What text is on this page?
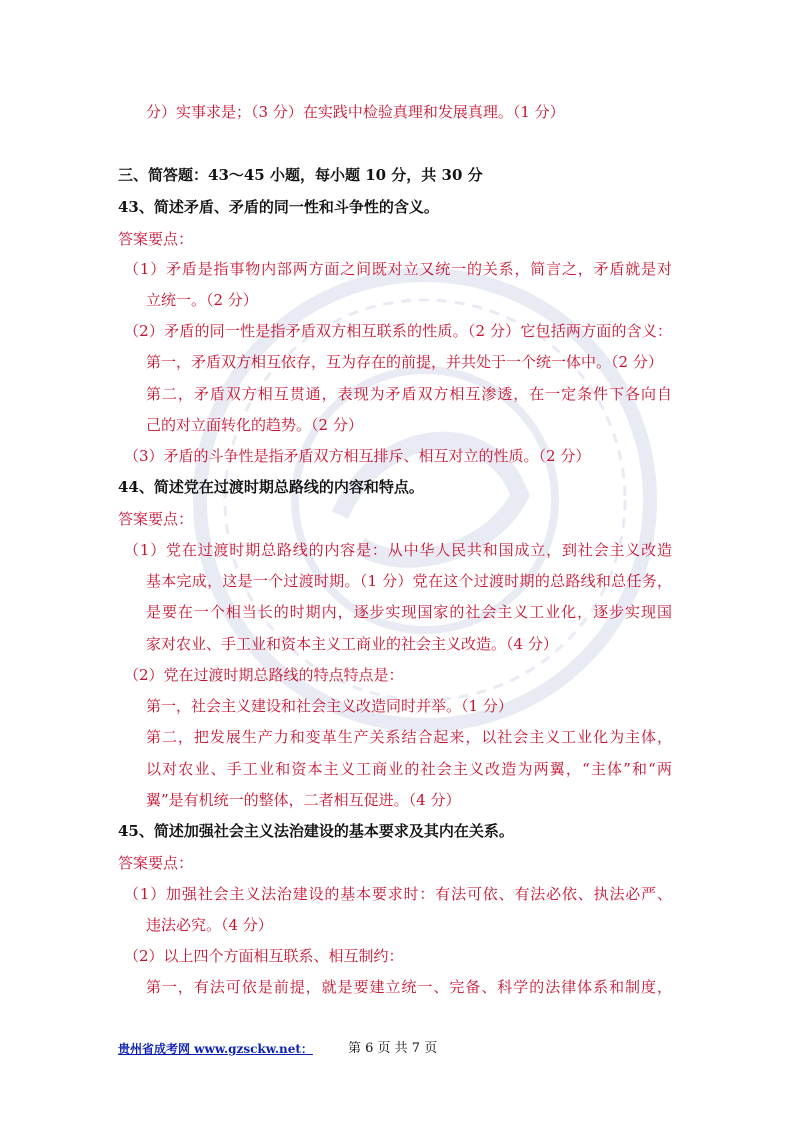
分）实事求是；（3 分）在实践中检验真理和发展真理。（1 分）
三、简答题：43～45 小题，每小题 10 分，共 30 分
43、简述矛盾、矛盾的同一性和斗争性的含义。
答案要点：
（1）矛盾是指事物内部两方面之间既对立又统一的关系，简言之，矛盾就是对
立统一。（2 分）
（2）矛盾的同一性是指矛盾双方相互联系的性质。（2 分）它包括两方面的含义：
第一，矛盾双方相互依存，互为存在的前提，并共处于一个统一体中。（2 分）
第二，矛盾双方相互贯通，表现为矛盾双方相互渗透，在一定条件下各向自
己的对立面转化的趋势。（2 分）
（3）矛盾的斗争性是指矛盾双方相互排斥、相互对立的性质。（2 分）
44、简述党在过渡时期总路线的内容和特点。
答案要点：
（1）党在过渡时期总路线的内容是：从中华人民共和国成立，到社会主义改造
基本完成，这是一个过渡时期。（1 分）党在这个过渡时期的总路线和总任务，
是要在一个相当长的时期内，逐步实现国家的社会主义工业化，逐步实现国
家对农业、手工业和资本主义工商业的社会主义改造。（4 分）
（2）党在过渡时期总路线的特点特点是：
第一，社会主义建设和社会主义改造同时并举。（1 分）
第二，把发展生产力和变革生产关系结合起来，以社会主义工业化为主体，
以对农业、手工业和资本主义工商业的社会主义改造为两翼，“主体”和“两
翼”是有机统一的整体，二者相互促进。（4 分）
45、简述加强社会主义法治建设的基本要求及其内在关系。
答案要点：
（1）加强社会主义法治建设的基本要求时：有法可依、有法必依、执法必严、
违法必究。（4 分）
（2）以上四个方面相互联系、相互制约：
第一，有法可依是前提，就是要建立统一、完备、科学的法律体系和制度，
贵州省成考网 www.gzsckw.net：	第 6 页 共 7 页
